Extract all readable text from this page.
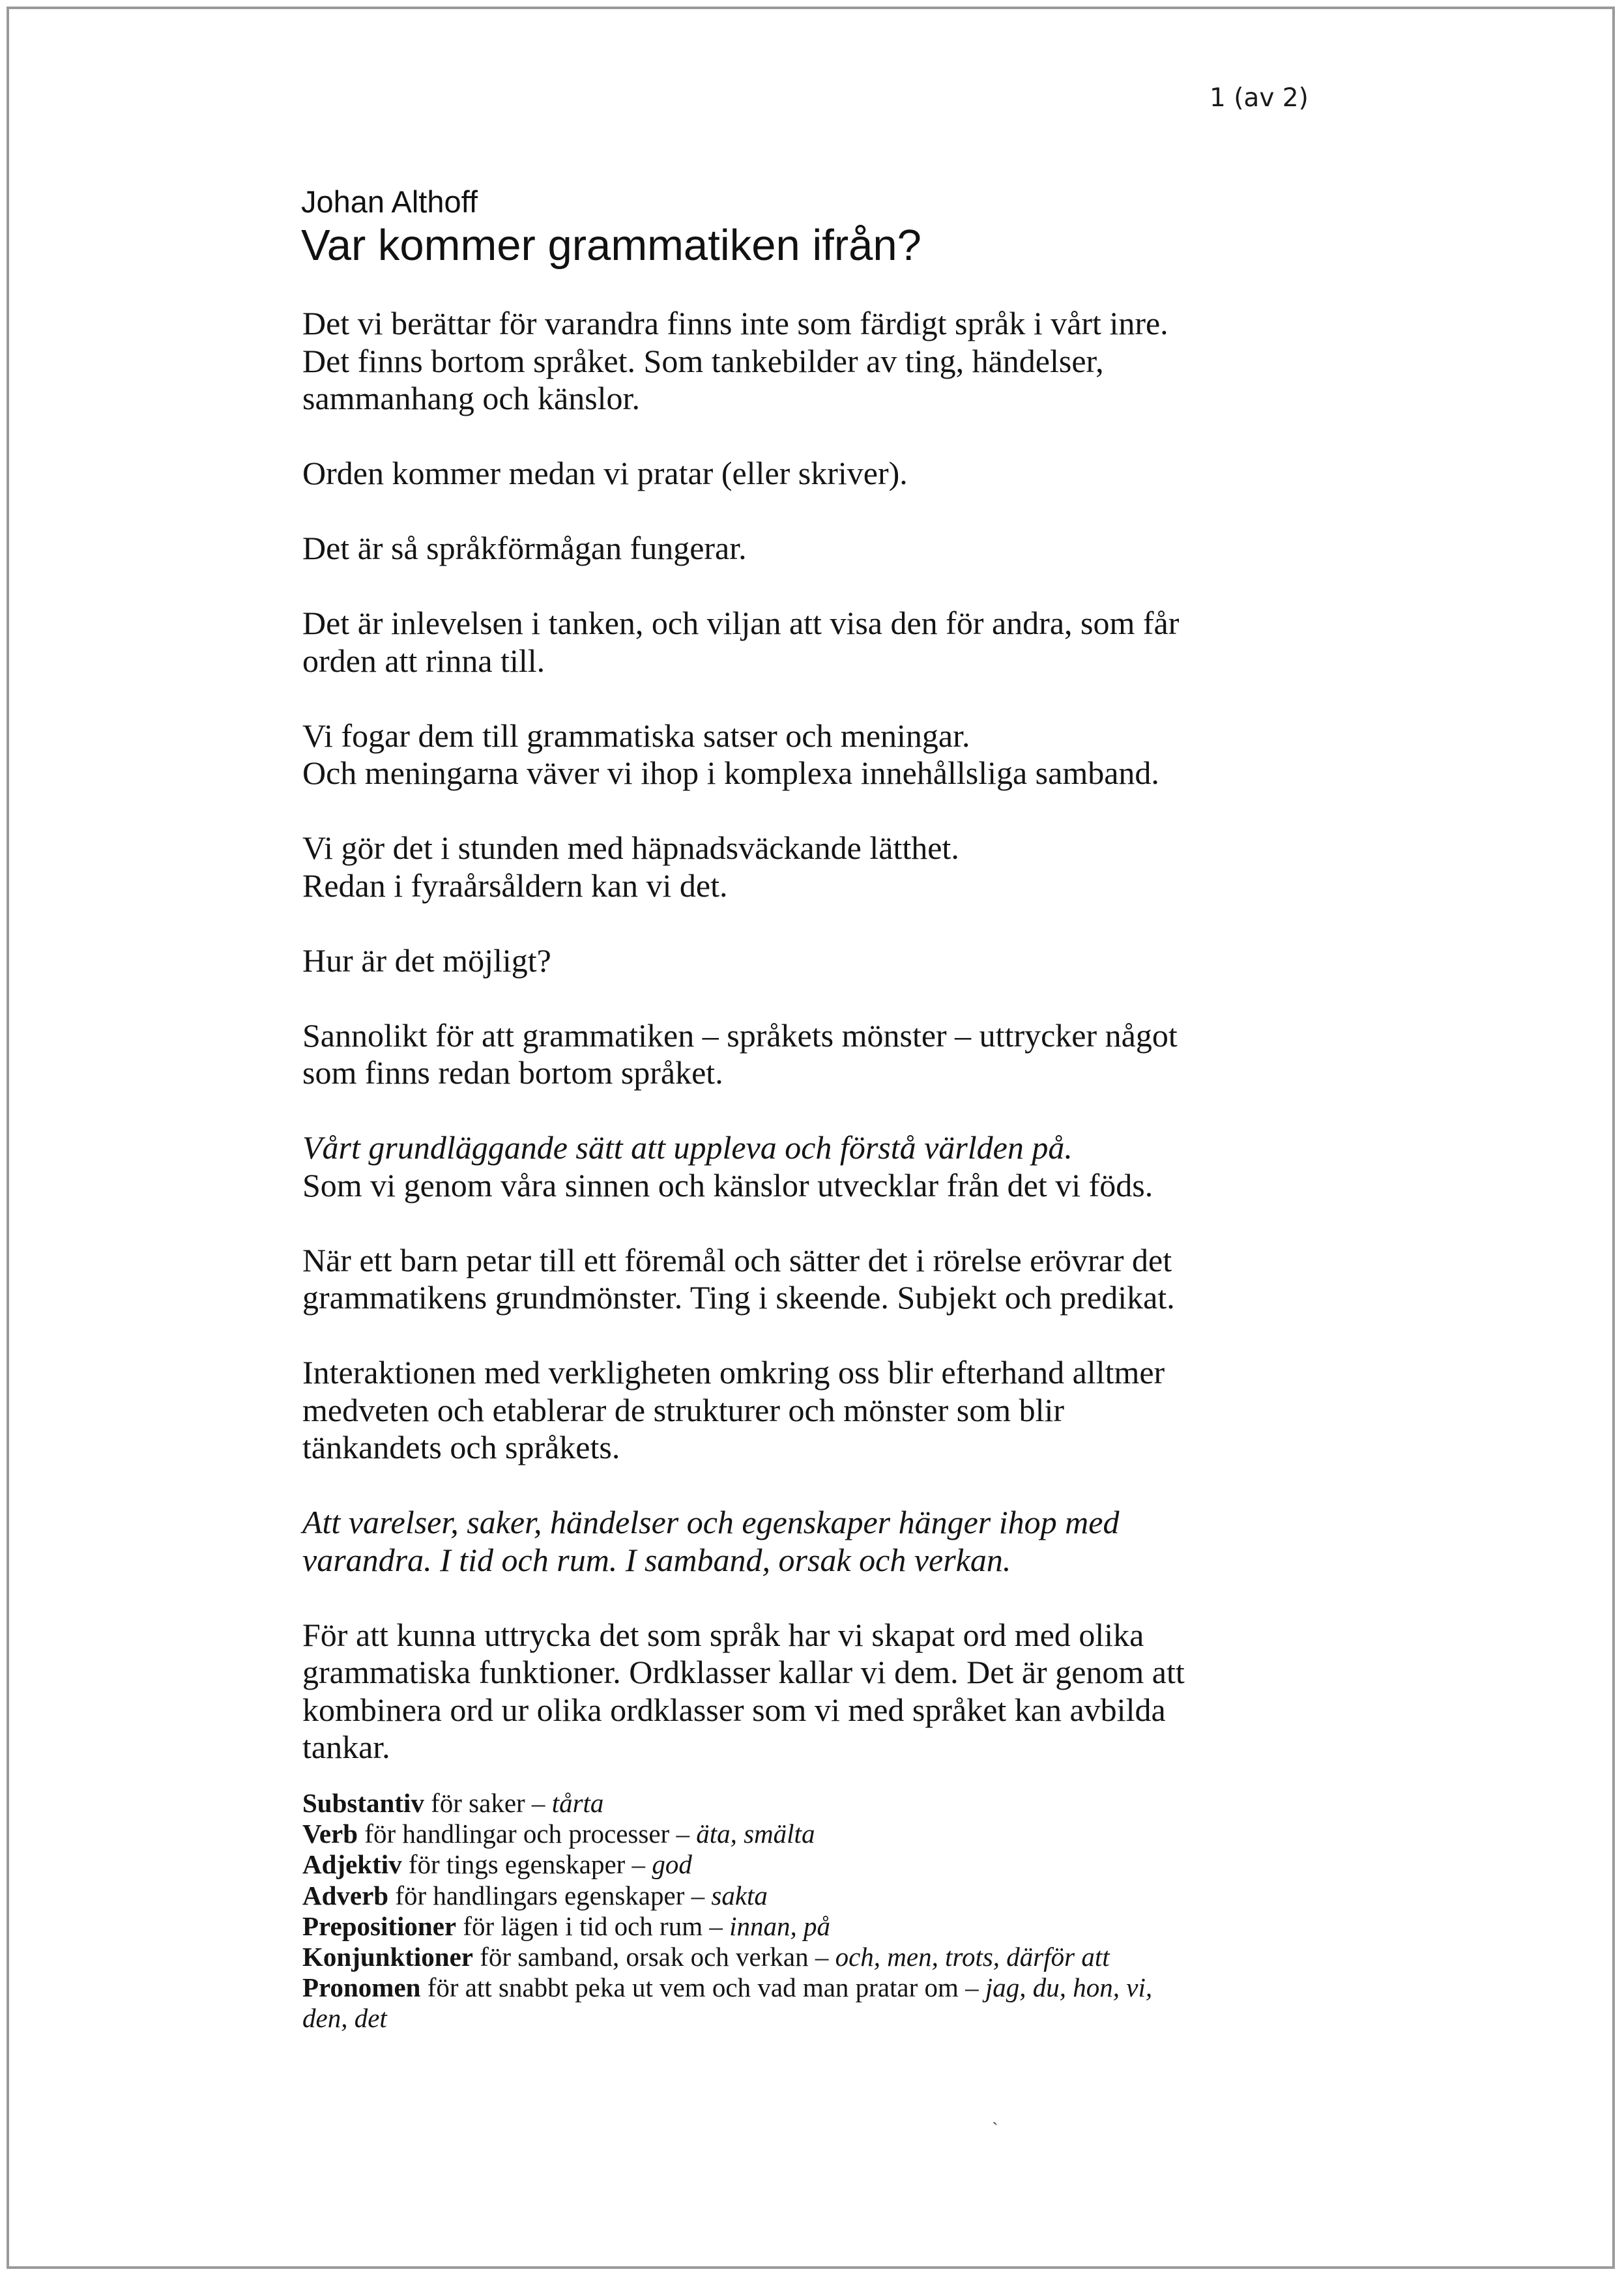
1 (av 2)
Johan Althoff
Var kommer grammatiken ifrån?

Det vi berättar för varandra finns inte som färdigt språk i vårt inre.
Det finns bortom språket. Som tankebilder av ting, händelser,
sammanhang och känslor.

Orden kommer medan vi pratar (eller skriver).

Det är så språkförmågan fungerar.

Det är inlevelsen i tanken, och viljan att visa den för andra, som får
orden att rinna till.

Vi fogar dem till grammatiska satser och meningar.
Och meningarna väver vi ihop i komplexa innehållsliga samband.

Vi gör det i stunden med häpnadsväckande lätthet.
Redan i fyraårsåldern kan vi det.

Hur är det möjligt?

Sannolikt för att grammatiken – språkets mönster – uttrycker något
som finns redan bortom språket.

Vårt grundläggande sätt att uppleva och förstå världen på.
Som vi genom våra sinnen och känslor utvecklar från det vi föds.

När ett barn petar till ett föremål och sätter det i rörelse erövrar det
grammatikens grundmönster. Ting i skeende. Subjekt och predikat.

Interaktionen med verkligheten omkring oss blir efterhand alltmer
medveten och etablerar de strukturer och mönster som blir
tänkandets och språkets.

Att varelser, saker, händelser och egenskaper hänger ihop med
varandra. I tid och rum. I samband, orsak och verkan.

För att kunna uttrycka det som språk har vi skapat ord med olika
grammatiska funktioner. Ordklasser kallar vi dem. Det är genom att
kombinera ord ur olika ordklasser som vi med språket kan avbilda
tankar.

Substantiv för saker – tårta
Verb för handlingar och processer – äta, smälta
Adjektiv för tings egenskaper – god
Adverb för handlingars egenskaper – sakta
Prepositioner för lägen i tid och rum – innan, på
Konjunktioner för samband, orsak och verkan – och, men, trots, därför att
Pronomen för att snabbt peka ut vem och vad man pratar om – jag, du, hon, vi,
den, det
ˏ
